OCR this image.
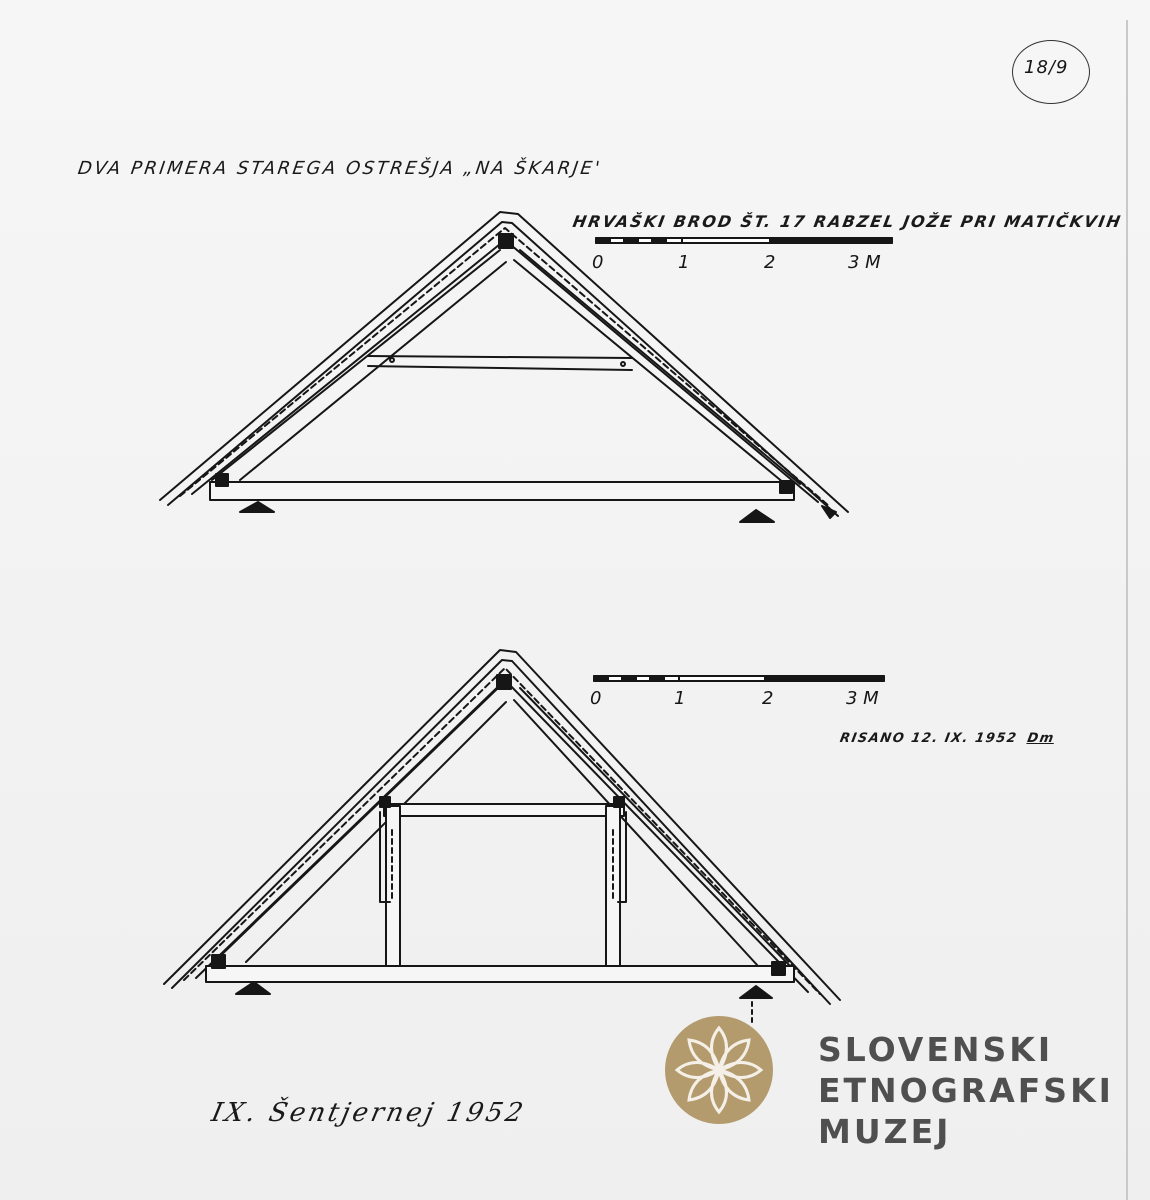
18/9
DVA PRIMERA STAREGA OSTREŠJA „NA ŠKARJE'
HRVAŠKI BROD ŠT. 17 RABZEL JOŽE PRI MATIČKVIH
0	1	2	3 M
0	1	2	3 M
RISANO 12. IX. 1952 Dm
IX. Šentjernej 1952
SLOVENSKI
ETNOGRAFSKI
MUZEJ
